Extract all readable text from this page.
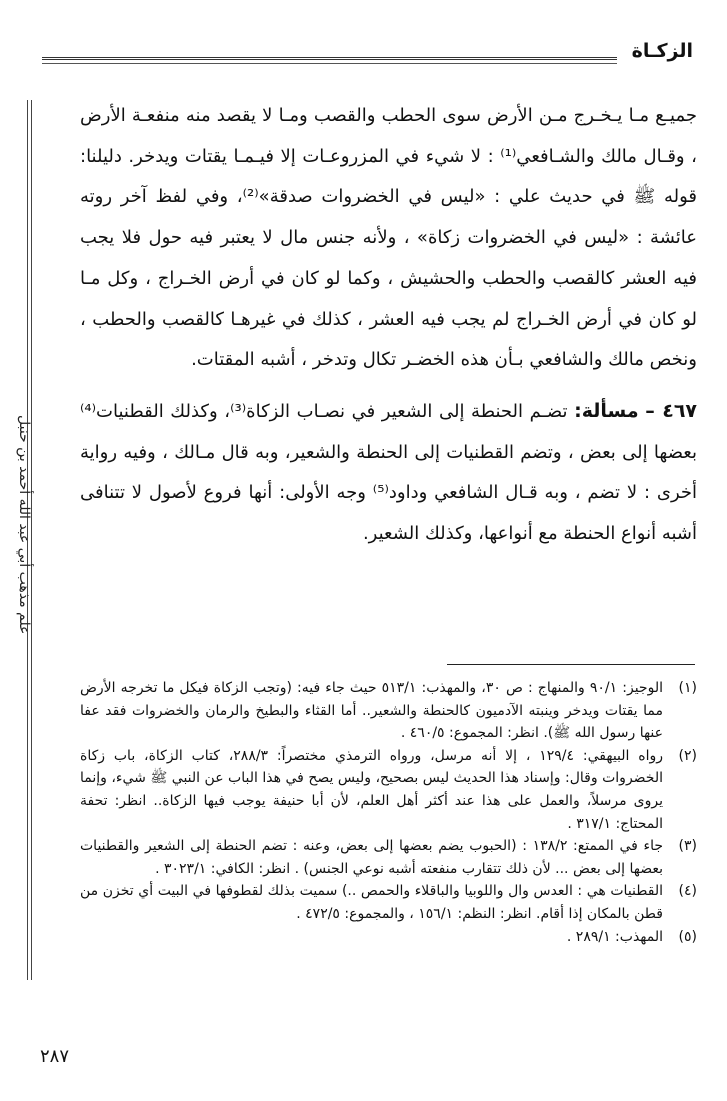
الزكـاة
علم مذهب أبي عبد الله أحمد بن حنبل

جميـع مـا يـخـرج مـن الأرض سوى الحطب والقصب ومـا لا يقصد منه منفعـة الأرض ، وقـال مالك والشـافعي⁽¹⁾ : لا شيء في المزروعـات إلا فيـمـا يقتات ويدخر. دليلنا: قوله ﷺ في حديث علي : «ليس في الخضروات صدقة»⁽²⁾، وفي لفظ آخر روته عائشة : «ليس في الخضروات زكاة» ، ولأنه جنس مال لا يعتبر فيه حول فلا يجب فيه العشر كالقصب والحطب والحشيش ، وكما لو كان في أرض الخـراج ، وكل مـا لو كان في أرض الخـراج لم يجب فيه العشر ، كذلك في غيرهـا كالقصب والحطب ، ونخص مالك والشافعي بـأن هذه الخضـر تكال وتدخر ، أشبه المقتات.

٤٦٧ – مسألة: تضـم الحنطة إلى الشعير في نصـاب الزكاة⁽³⁾، وكذلك القطنيات⁽⁴⁾ بعضها إلى بعض ، وتضم القطنيات إلى الحنطة والشعير، وبه قال مـالك ، وفيه رواية أخرى : لا تضم ، وبه قـال الشافعي وداود⁽⁵⁾ وجه الأولى: أنها فروع لأصول لا تتنافى أشبه أنواع الحنطة مع أنواعها، وكذلك الشعير.

(١)
الوجيز: ٩٠/١ والمنهاج : ص ٣٠، والمهذب: ٥١٣/١ حيث جاء فيه: (وتجب الزكاة فيكل ما تخرجه الأرض مما يقتات ويدخر وينبته الآدميون كالحنطة والشعير.. أما القثاء والبطيخ والرمان والخضروات فقد عفا عنها رسول الله ﷺ). انظر: المجموع: ٤٦٠/٥ .
(٢)
رواه البيهقي: ١٢٩/٤ ، إلا أنه مرسل، ورواه الترمذي مختصراً: ٢٨٨/٣، كتاب الزكاة، باب زكاة الخضروات وقال: وإسناد هذا الحديث ليس بصحيح، وليس يصح في هذا الباب عن النبي ﷺ شيء، وإنما يروى مرسلاً، والعمل على هذا عند أكثر أهل العلم، لأن أبا حنيفة يوجب فيها الزكاة.. انظر: تحفة المحتاج: ٣١٧/١ .
(٣)
جاء في الممتع: ١٣٨/٢ : (الحبوب يضم بعضها إلى بعض، وعنه : تضم الحنطة إلى الشعير والقطنيات بعضها إلى بعض ... لأن ذلك تتقارب منفعته أشبه نوعي الجنس) . انظر: الكافي: ٣٠٢٣/١ .
(٤)
القطنيات هي : العدس وال واللوبيا والباقلاء والحمص ..) سميت بذلك لقطوفها في البيت أي تخزن من قطن بالمكان إذا أقام. انظر: النظم: ١٥٦/١ ، والمجموع: ٤٧٢/٥ .
(٥)
المهذب: ٢٨٩/١ .
٢٨٧
